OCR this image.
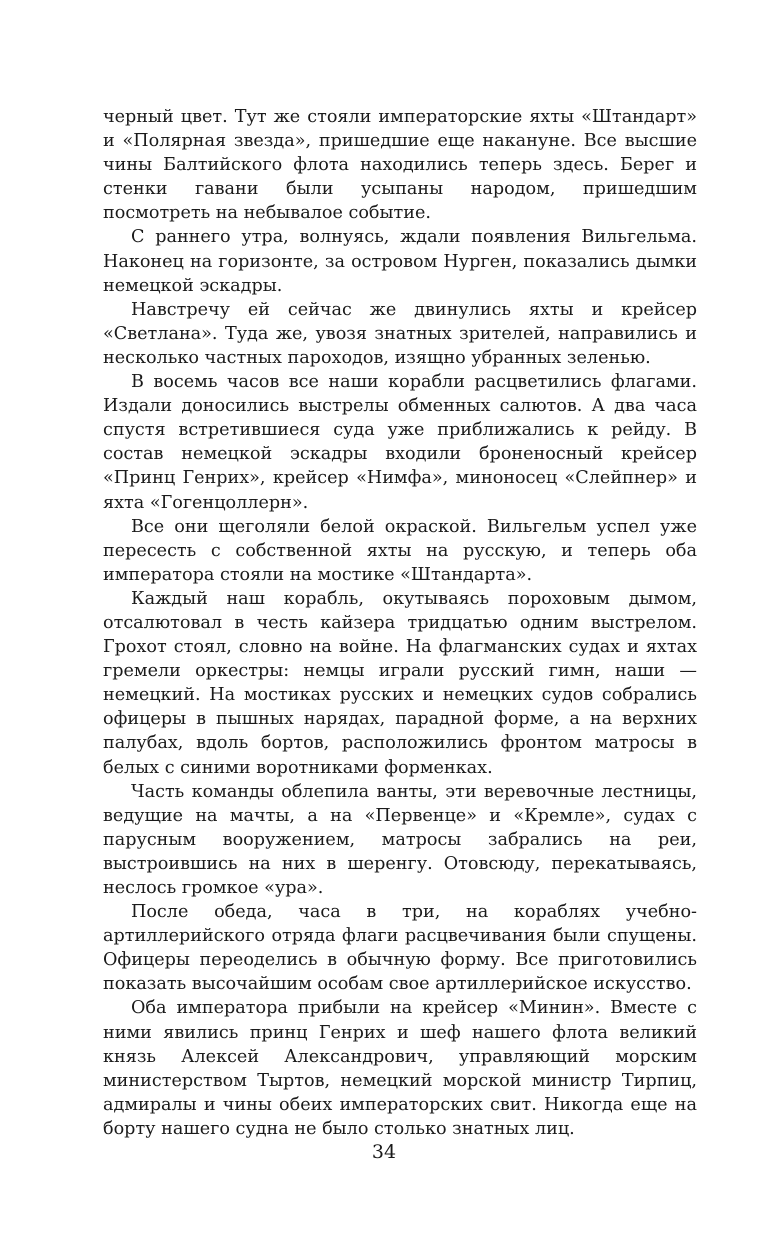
черный цвет. Тут же стояли императорские яхты «Штандарт» и «Полярная звезда», пришедшие еще накануне. Все высшие чины Балтийского флота находились теперь здесь. Берег и стенки гавани были усыпаны народом, пришедшим посмотреть на небывалое событие.

С раннего утра, волнуясь, ждали появления Вильгельма. Наконец на горизонте, за островом Нурген, показались дымки немецкой эскадры.

Навстречу ей сейчас же двинулись яхты и крейсер «Светлана». Туда же, увозя знатных зрителей, направились и несколько частных пароходов, изящно убранных зеленью.

В восемь часов все наши корабли расцветились флагами. Издали доносились выстрелы обменных салютов. А два часа спустя встретившиеся суда уже приближались к рейду. В состав немецкой эскадры входили броненосный крейсер «Принц Генрих», крейсер «Нимфа», миноносец «Слейпнер» и яхта «Гогенцоллерн».

Все они щеголяли белой окраской. Вильгельм успел уже пересесть с собственной яхты на русскую, и теперь оба императора стояли на мостике «Штандарта».

Каждый наш корабль, окутываясь пороховым дымом, отсалютовал в честь кайзера тридцатью одним выстрелом. Грохот стоял, словно на войне. На флагманских судах и яхтах гремели оркестры: немцы играли русский гимн, наши — немецкий. На мостиках русских и немецких судов собрались офицеры в пышных нарядах, парадной форме, а на верхних палубах, вдоль бортов, расположились фронтом матросы в белых с синими воротниками форменках.

Часть команды облепила ванты, эти веревочные лестницы, ведущие на мачты, а на «Первенце» и «Кремле», судах с парусным вооружением, матросы забрались на реи, выстроившись на них в шеренгу. Отовсюду, перекатываясь, неслось громкое «ура».

После обеда, часа в три, на кораблях учебно-артиллерийского отряда флаги расцвечивания были спущены. Офицеры переоделись в обычную форму. Все приготовились показать высочайшим особам свое артиллерийское искусство.

Оба императора прибыли на крейсер «Минин». Вместе с ними явились принц Генрих и шеф нашего флота великий князь Алексей Александрович, управляющий морским министерством Тыртов, немецкий морской министр Тирпиц, адмиралы и чины обеих императорских свит. Никогда еще на борту нашего судна не было столько знатных лиц.

34
